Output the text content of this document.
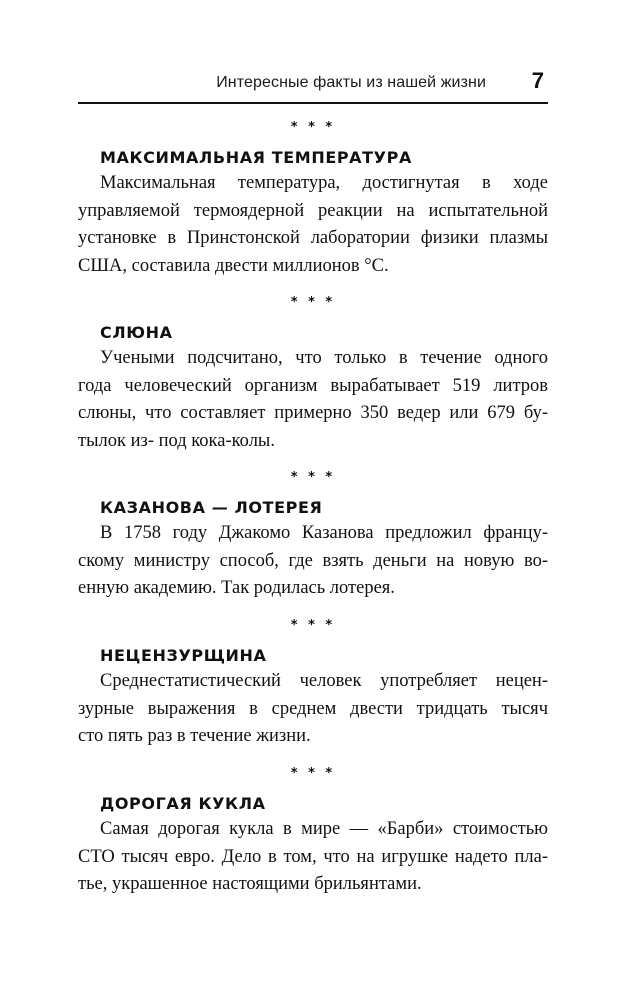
Интересные факты из нашей жизни 7
* * *
МАКСИМАЛЬНАЯ ТЕМПЕРАТУРА
Максимальная температура, достигнутая в ходе
управляемой термоядерной реакции на испытательной
установке в Принстонской лаборатории физики плазмы
США, составила двести миллионов °С.
* * *
СЛЮНА
Учеными подсчитано, что только в течение одного
года человеческий организм вырабатывает 519 литров
слюны, что составляет примерно 350 ведер или 679 бу-
тылок из- под кока-колы.
* * *
КАЗАНОВА — ЛОТЕРЕЯ
В 1758 году Джакомо Казанова предложил францу-
скому министру способ, где взять деньги на новую во-
енную академию. Так родилась лотерея.
* * *
НЕЦЕНЗУРЩИНА
Среднестатистический человек употребляет нецен-
зурные выражения в среднем двести тридцать тысяч
сто пять раз в течение жизни.
* * *
ДОРОГАЯ КУКЛА
Самая дорогая кукла в мире — «Барби» стоимостью
СТО тысяч евро. Дело в том, что на игрушке надето пла-
тье, украшенное настоящими брильянтами.
